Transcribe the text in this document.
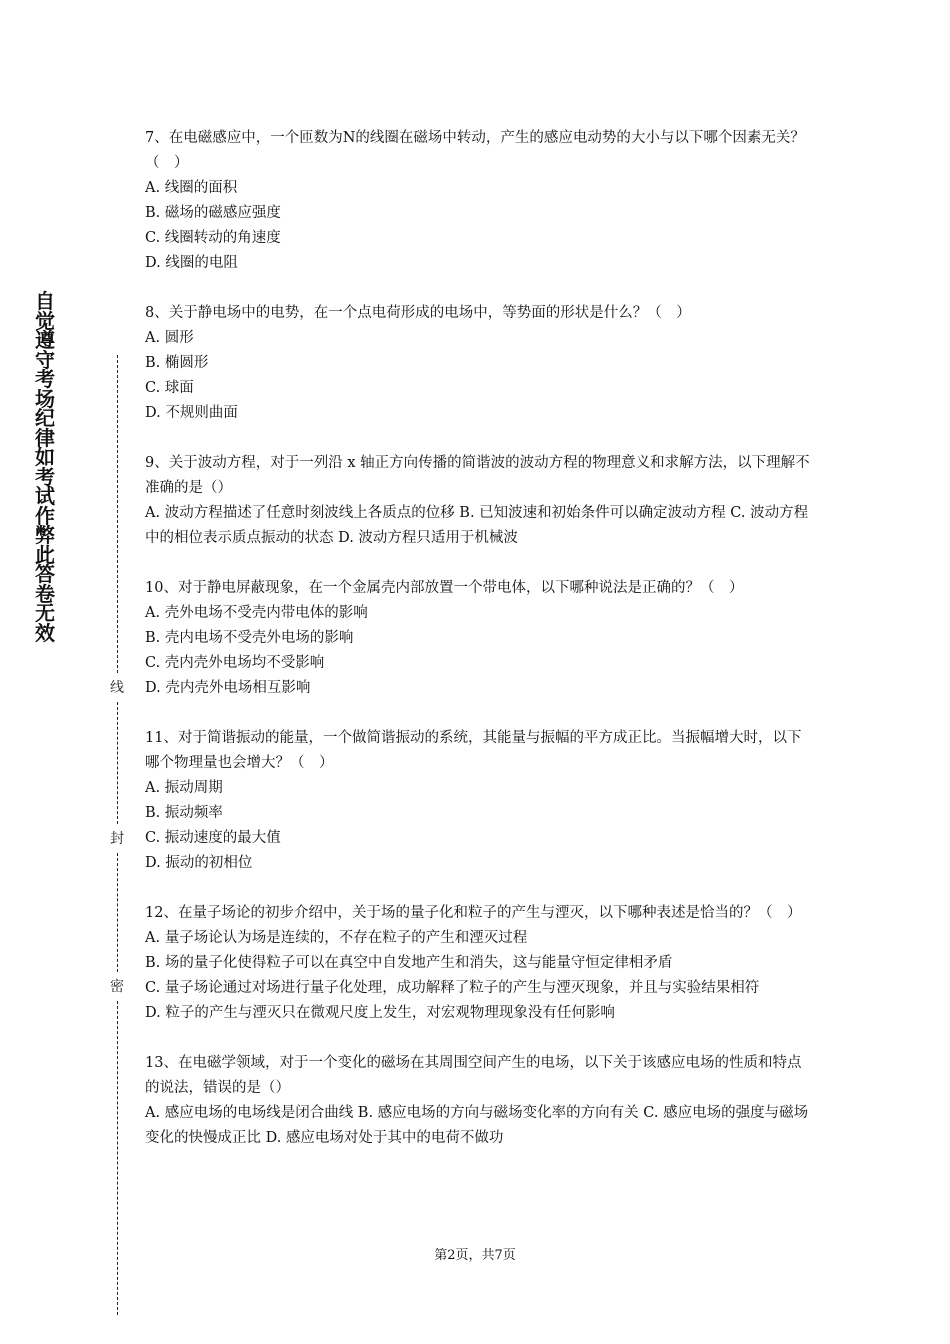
自觉遵守考场纪律如考试作弊此答卷无效
线
封
密

7、在电磁感应中，一个匝数为N的线圈在磁场中转动，产生的感应电动势的大小与以下哪个因素无关？（　）

A. 线圈的面积

B. 磁场的磁感应强度

C. 线圈转动的角速度

D. 线圈的电阻

8、关于静电场中的电势，在一个点电荷形成的电场中，等势面的形状是什么？（　）

A. 圆形

B. 椭圆形

C. 球面

D. 不规则曲面

9、关于波动方程，对于一列沿 x 轴正方向传播的简谐波的波动方程的物理意义和求解方法，以下理解不准确的是（）

A. 波动方程描述了任意时刻波线上各质点的位移 B. 已知波速和初始条件可以确定波动方程 C. 波动方程中的相位表示质点振动的状态 D. 波动方程只适用于机械波

10、对于静电屏蔽现象，在一个金属壳内部放置一个带电体，以下哪种说法是正确的？（　）

A. 壳外电场不受壳内带电体的影响

B. 壳内电场不受壳外电场的影响

C. 壳内壳外电场均不受影响

D. 壳内壳外电场相互影响

11、对于简谐振动的能量，一个做简谐振动的系统，其能量与振幅的平方成正比。当振幅增大时，以下哪个物理量也会增大？（　）

A. 振动周期

B. 振动频率

C. 振动速度的最大值

D. 振动的初相位

12、在量子场论的初步介绍中，关于场的量子化和粒子的产生与湮灭，以下哪种表述是恰当的？（　）

A. 量子场论认为场是连续的，不存在粒子的产生和湮灭过程

B. 场的量子化使得粒子可以在真空中自发地产生和消失，这与能量守恒定律相矛盾

C. 量子场论通过对场进行量子化处理，成功解释了粒子的产生与湮灭现象，并且与实验结果相符

D. 粒子的产生与湮灭只在微观尺度上发生，对宏观物理现象没有任何影响

13、在电磁学领域，对于一个变化的磁场在其周围空间产生的电场，以下关于该感应电场的性质和特点的说法，错误的是（）

A. 感应电场的电场线是闭合曲线 B. 感应电场的方向与磁场变化率的方向有关 C. 感应电场的强度与磁场变化的快慢成正比 D. 感应电场对处于其中的电荷不做功

第2页，共7页
